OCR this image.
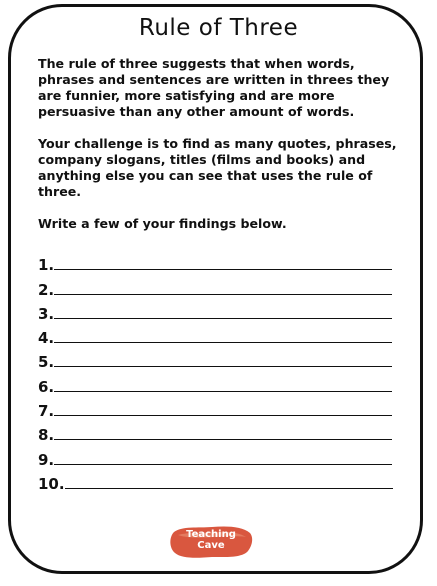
Rule of Three

The rule of three suggests that when words, phrases and sentences are written in threes they are funnier, more satisfying and are more persuasive than any other amount of words.

Your challenge is to find as many quotes, phrases, company slogans, titles (films and books) and anything else you can see that uses the rule of three.

Write a few of your findings below.

1.
2.
3.
4.
5.
6.
7.
8.
9.
10.
Teaching
Cave
